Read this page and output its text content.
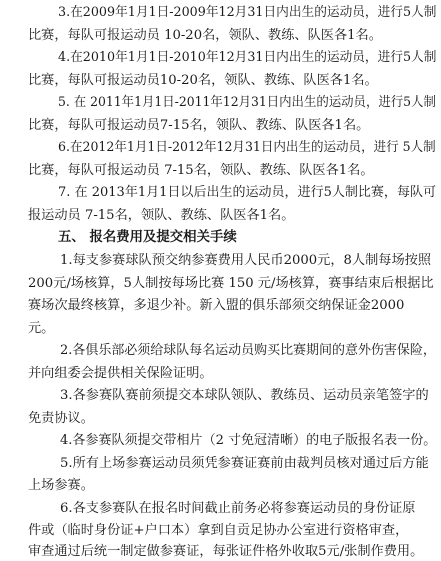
3.在2009年1月1日-2009年12月31日内出生的运动员，进行5人制
比赛，每队可报运动员 10-20名，领队、教练、队医各1名。
4.在2010年1月1日-2010年12月31日内出生的运动员，进行5人制
比赛，每队可报运动员10-20名，领队、教练、队医各1名。
5. 在 2011年1月1日-2011年12月31日内出生的运动员，进行5人制
比赛，每队可报运动员7-15名，领队、教练、队医各1名。
6.在2012年1月1日-2012年12月31日内出生的运动员，进行 5人制
比赛，每队可报运动员 7-15名，领队、教练、队医各1名。
7. 在 2013年1月1日以后出生的运动员，进行5人制比赛，每队可
报运动员 7-15名，领队、教练、队医各1名。
五、 报名费用及提交相关手续
1.每支参赛球队预交纳参赛费用人民币2000元，8人制每场按照
200元/场核算，5人制按每场比赛 150 元/场核算，赛事结束后根据比
赛场次最终核算，多退少补。新入盟的俱乐部须交纳保证金2000
元。
2.各俱乐部必须给球队每名运动员购买比赛期间的意外伤害保险，
并向组委会提供相关保险证明。
3.各参赛队赛前须提交本球队领队、教练员、运动员亲笔签字的
免责协议。
4.各参赛队须提交带相片（2 寸免冠清晰）的电子版报名表一份。
5.所有上场参赛运动员须凭参赛证赛前由裁判员核对通过后方能
上场参赛。
6.各支参赛队在报名时间截止前务必将参赛运动员的身份证原
件或（临时身份证+户口本）拿到自贡足协办公室进行资格审查，
审查通过后统一制定做参赛证，每张证件格外收取5元/张制作费用。
